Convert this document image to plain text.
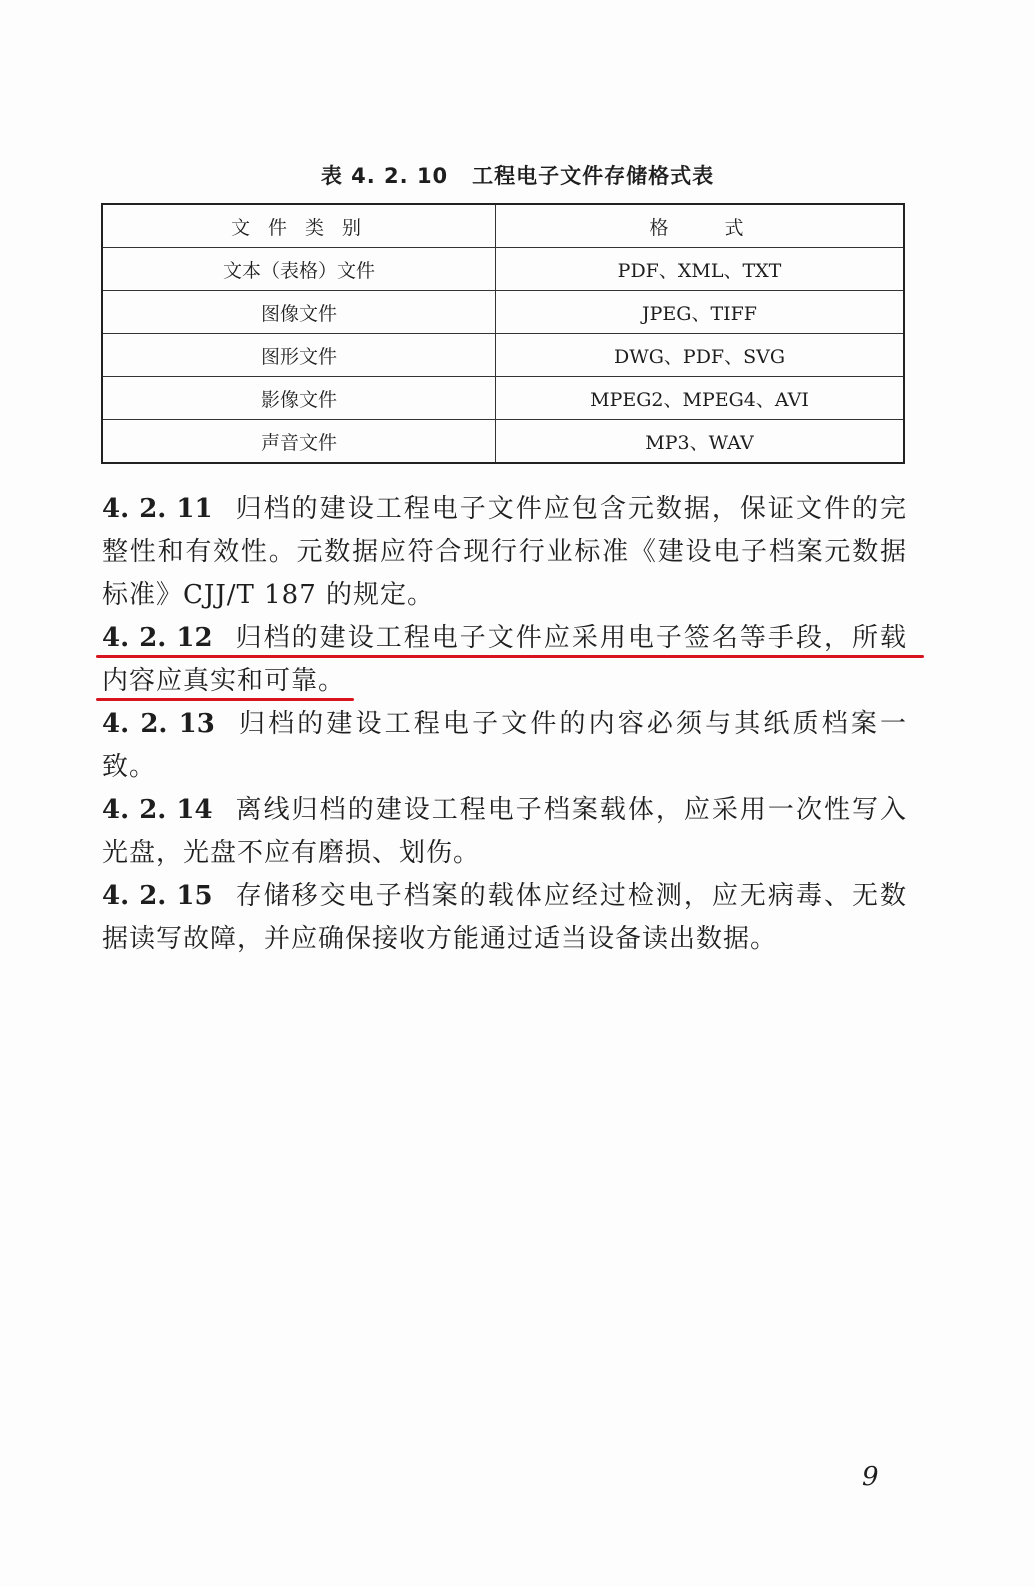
表 4. 2. 10 工程电子文件存储格式表
文 件 类 别	格　　式
文本（表格）文件	PDF、XML、TXT
图像文件	JPEG、TIFF
图形文件	DWG、PDF、SVG
影像文件	MPEG2、MPEG4、AVI
声音文件	MP3、WAV

4. 2. 11 归档的建设工程电子文件应包含元数据，保证文件的完整性和有效性。元数据应符合现行行业标准《建设电子档案元数据标准》CJJ/T 187 的规定。

4. 2. 12 归档的建设工程电子文件应采用电子签名等手段，所载内容应真实和可靠。

4. 2. 13 归档的建设工程电子文件的内容必须与其纸质档案一致。

4. 2. 14 离线归档的建设工程电子档案载体，应采用一次性写入光盘，光盘不应有磨损、划伤。

4. 2. 15 存储移交电子档案的载体应经过检测，应无病毒、无数据读写故障，并应确保接收方能通过适当设备读出数据。

9
